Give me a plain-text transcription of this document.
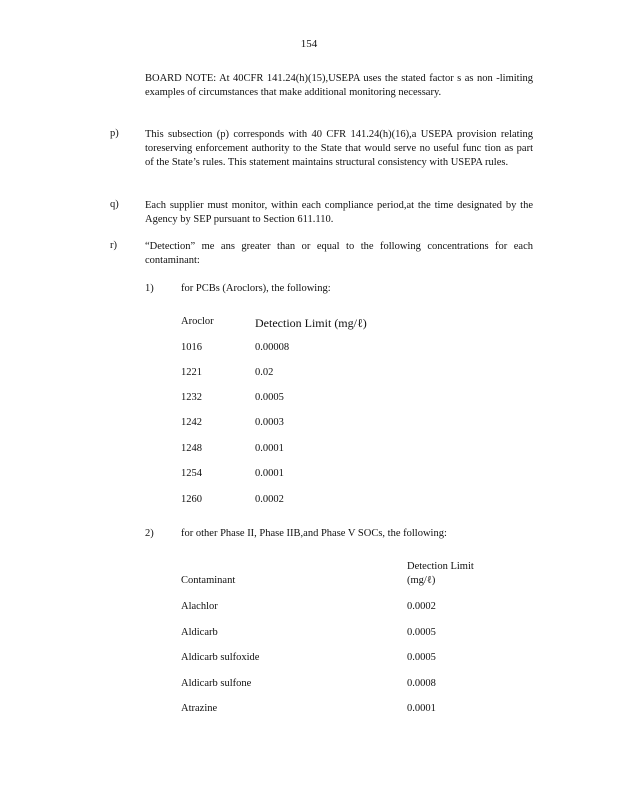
154
BOARD NOTE: At 40CFR 141.24(h)(15),USEPA uses the stated factor s as non -limiting examples of circumstances that make additional monitoring necessary.
p)	This subsection (p) corresponds with 40 CFR 141.24(h)(16),a USEPA provision relating toreserving enforcement authority to the State that would serve no useful func tion as part of the State’s rules. This statement maintains structural consistency with USEPA rules.
q)	Each supplier must monitor, within each compliance period,at the time designated by the Agency by SEP pursuant to Section 611.110.
r)	“Detection” me ans greater than or equal to the following concentrations for each contaminant:
1)	for PCBs (Aroclors), the following:
Aroclor	Detection Limit (mg/ℓ)
1016	0.00008
1221	0.02
1232	0.0005
1242	0.0003
1248	0.0001
1254	0.0001
1260	0.0002
2)	for other Phase II, Phase IIB,and Phase V SOCs, the following:
Contaminant
Detection Limit
(mg/ℓ)
Alachlor	0.0002
Aldicarb	0.0005
Aldicarb sulfoxide	0.0005
Aldicarb sulfone	0.0008
Atrazine	0.0001
